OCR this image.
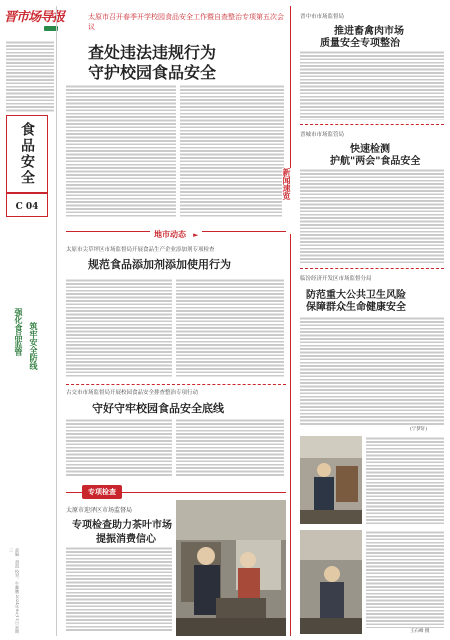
晋市场导报
食品安全
C 04
强化食品监管 筑牢安全防线
责编：胡凯 校对：牛卿鹏 2024年9月11日 星期三
太原市召开春季开学校园食品安全工作暨自查整治专项第五次会议
查处违法违规行为
守护校园食品安全
新闻速览
地市动态 ►
太原市尖草坪区市场监督局开展食品生产企业添加剂专项检查
规范食品添加剂添加使用行为
古交市市场监督局开展校园食品安全排查整治专项行动
守好守牢校园食品安全底线
专项检查
太原市迎泽区市场监督局
专项检查助力茶叶市场
提振消费信心
晋中市市场监督局
推进畜禽肉市场
质量安全专项整治
晋城市市场监管局
快速检测
护航"两会"食品安全
临汾经济开发区市场监督分局
防范重大公共卫生风险
保障群众生命健康安全
(宁梦轩)
王石峰 摄
